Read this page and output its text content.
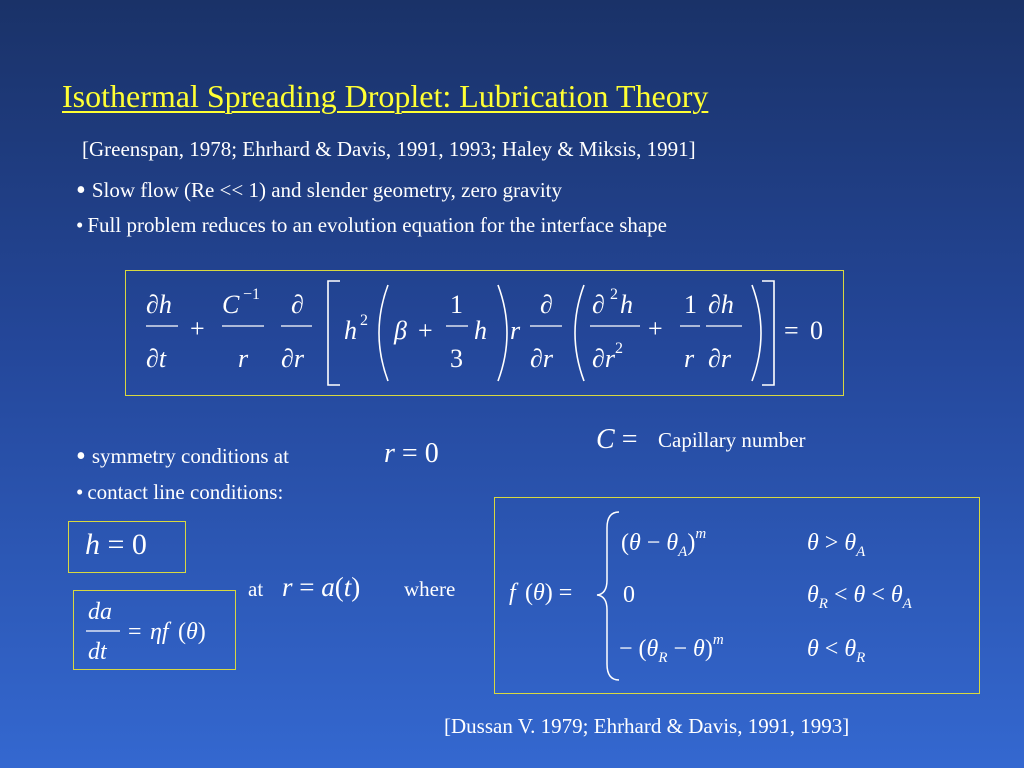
Isothermal Spreading Droplet: Lubrication Theory
[Greenspan, 1978; Ehrhard & Davis, 1991, 1993; Haley & Miksis, 1991]
• Slow flow (Re << 1) and slender geometry, zero gravity
• Full problem reduces to an evolution equation for the interface shape
∂h
∂t
+
C −1
r
∂
∂r
h 2 β +
1
3
h r
∂
∂r
∂ 2h
$\partial r^2$
+
1
r
∂h
∂r
= 0
• symmetry conditions at	r = 0	C = Capillary number
• contact line conditions:
h = 0
da
dt
= ηf (θ)
at r = a(t) where f (θ) =
$(\theta - \theta_A)^m$	$\theta > \theta_A$
0	$\theta_R < \theta < \theta_A$
− $(\theta_R - \theta)^m$	$\theta < \theta_R$
[Dussan V. 1979; Ehrhard & Davis, 1991, 1993]
